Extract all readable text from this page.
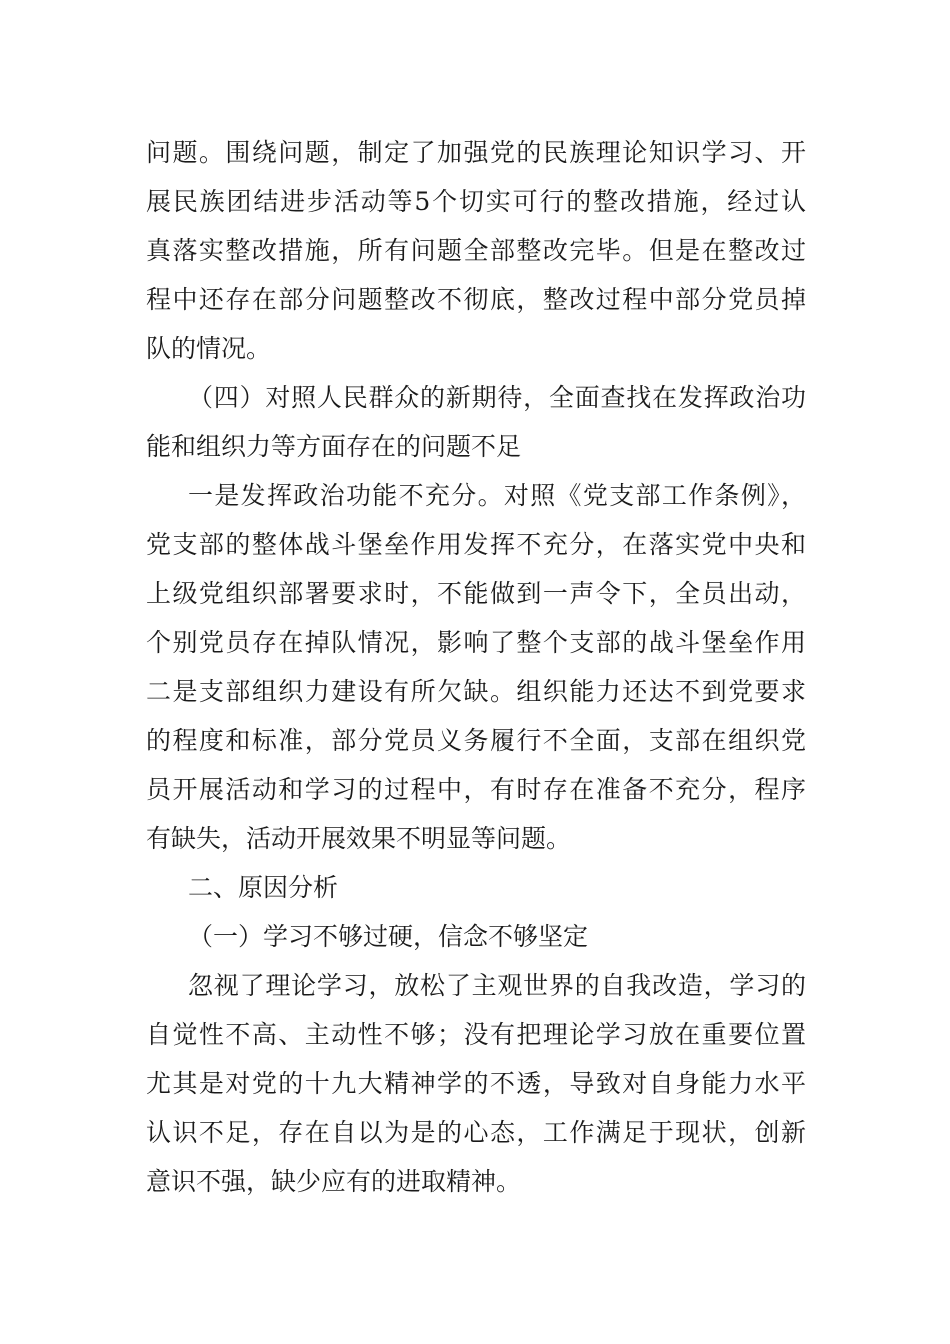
问题。围绕问题，制定了加强党的民族理论知识学习、开
展民族团结进步活动等5个切实可行的整改措施，经过认
真落实整改措施，所有问题全部整改完毕。但是在整改过
程中还存在部分问题整改不彻底，整改过程中部分党员掉
队的情况。
（四）对照人民群众的新期待，全面查找在发挥政治功
能和组织力等方面存在的问题不足
一是发挥政治功能不充分。对照《党支部工作条例》，
党支部的整体战斗堡垒作用发挥不充分，在落实党中央和
上级党组织部署要求时，不能做到一声令下，全员出动，
个别党员存在掉队情况，影响了整个支部的战斗堡垒作用
二是支部组织力建设有所欠缺。组织能力还达不到党要求
的程度和标准，部分党员义务履行不全面，支部在组织党
员开展活动和学习的过程中，有时存在准备不充分，程序
有缺失，活动开展效果不明显等问题。
二、原因分析
（一）学习不够过硬，信念不够坚定
忽视了理论学习，放松了主观世界的自我改造，学习的
自觉性不高、主动性不够；没有把理论学习放在重要位置
尤其是对党的十九大精神学的不透，导致对自身能力水平
认识不足，存在自以为是的心态，工作满足于现状，创新
意识不强，缺少应有的进取精神。
